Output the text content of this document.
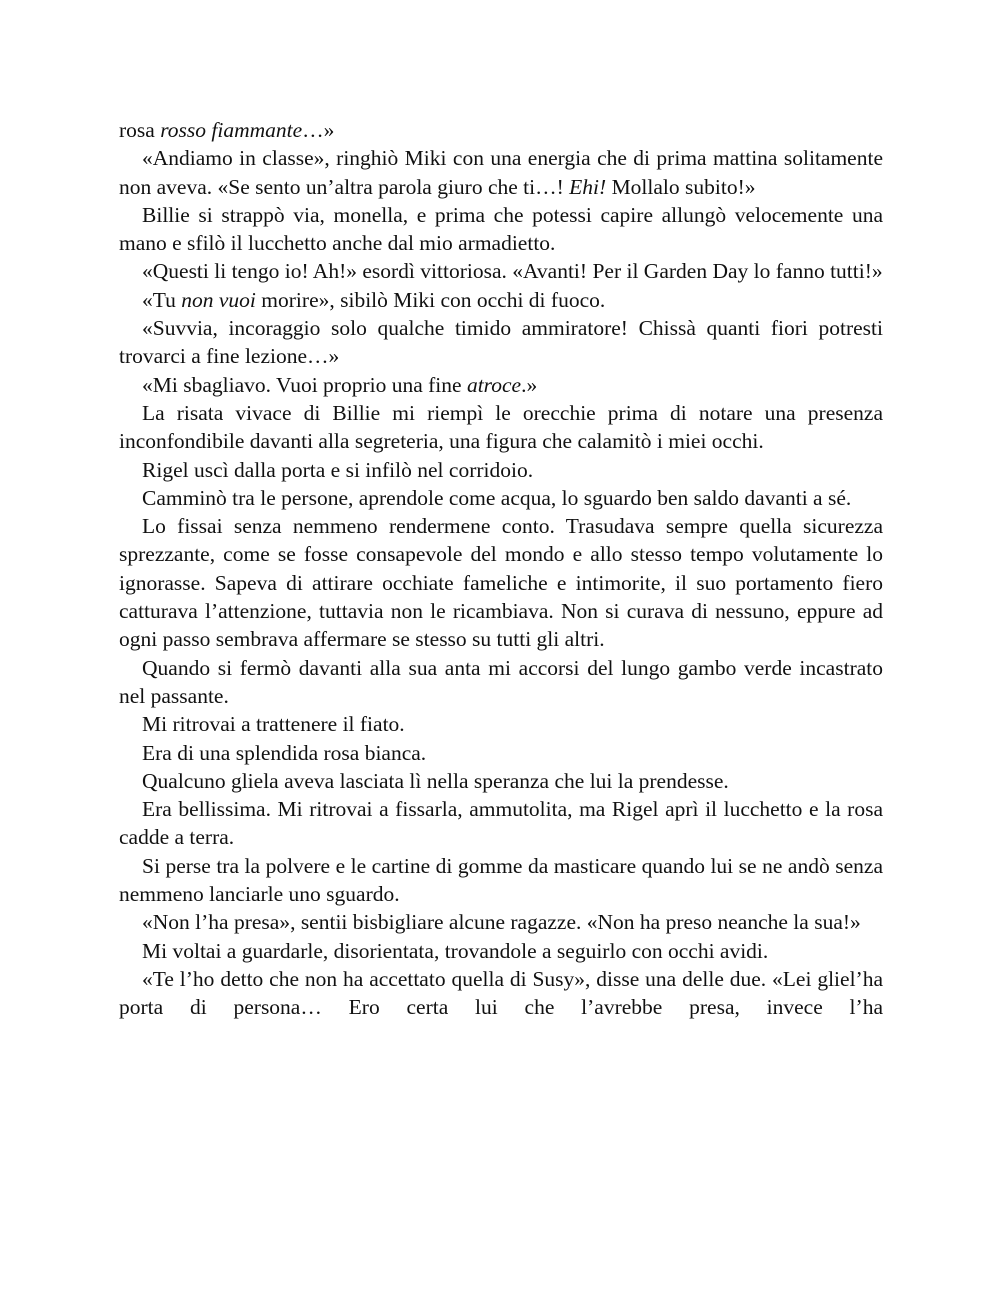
rosa rosso fiammante…»

«Andiamo in classe», ringhiò Miki con una energia che di prima mattina solitamente non aveva. «Se sento un’altra parola giuro che ti…! Ehi! Mollalo subito!»

Billie si strappò via, monella, e prima che potessi capire allungò velocemente una mano e sfilò il lucchetto anche dal mio armadietto.

«Questi li tengo io! Ah!» esordì vittoriosa. «Avanti! Per il Garden Day lo fanno tutti!»

«Tu non vuoi morire», sibilò Miki con occhi di fuoco.

«Suvvia, incoraggio solo qualche timido ammiratore! Chissà quanti fiori potresti trovarci a fine lezione…»

«Mi sbagliavo. Vuoi proprio una fine atroce.»

La risata vivace di Billie mi riempì le orecchie prima di notare una presenza inconfondibile davanti alla segreteria, una figura che calamitò i miei occhi.

Rigel uscì dalla porta e si infilò nel corridoio.

Camminò tra le persone, aprendole come acqua, lo sguardo ben saldo davanti a sé.

Lo fissai senza nemmeno rendermene conto. Trasudava sempre quella sicurezza sprezzante, come se fosse consapevole del mondo e allo stesso tempo volutamente lo ignorasse. Sapeva di attirare occhiate fameliche e intimorite, il suo portamento fiero catturava l’attenzione, tuttavia non le ricambiava. Non si curava di nessuno, eppure ad ogni passo sembrava affermare se stesso su tutti gli altri.

Quando si fermò davanti alla sua anta mi accorsi del lungo gambo verde incastrato nel passante.

Mi ritrovai a trattenere il fiato.

Era di una splendida rosa bianca.

Qualcuno gliela aveva lasciata lì nella speranza che lui la prendesse.

Era bellissima. Mi ritrovai a fissarla, ammutolita, ma Rigel aprì il lucchetto e la rosa cadde a terra.

Si perse tra la polvere e le cartine di gomme da masticare quando lui se ne andò senza nemmeno lanciarle uno sguardo.

«Non l’ha presa», sentii bisbigliare alcune ragazze. «Non ha preso neanche la sua!»

Mi voltai a guardarle, disorientata, trovandole a seguirlo con occhi avidi.

«Te l’ho detto che non ha accettato quella di Susy», disse una delle due. «Lei gliel’ha porta di persona… Ero certa lui che l’avrebbe presa, invece l’ha
